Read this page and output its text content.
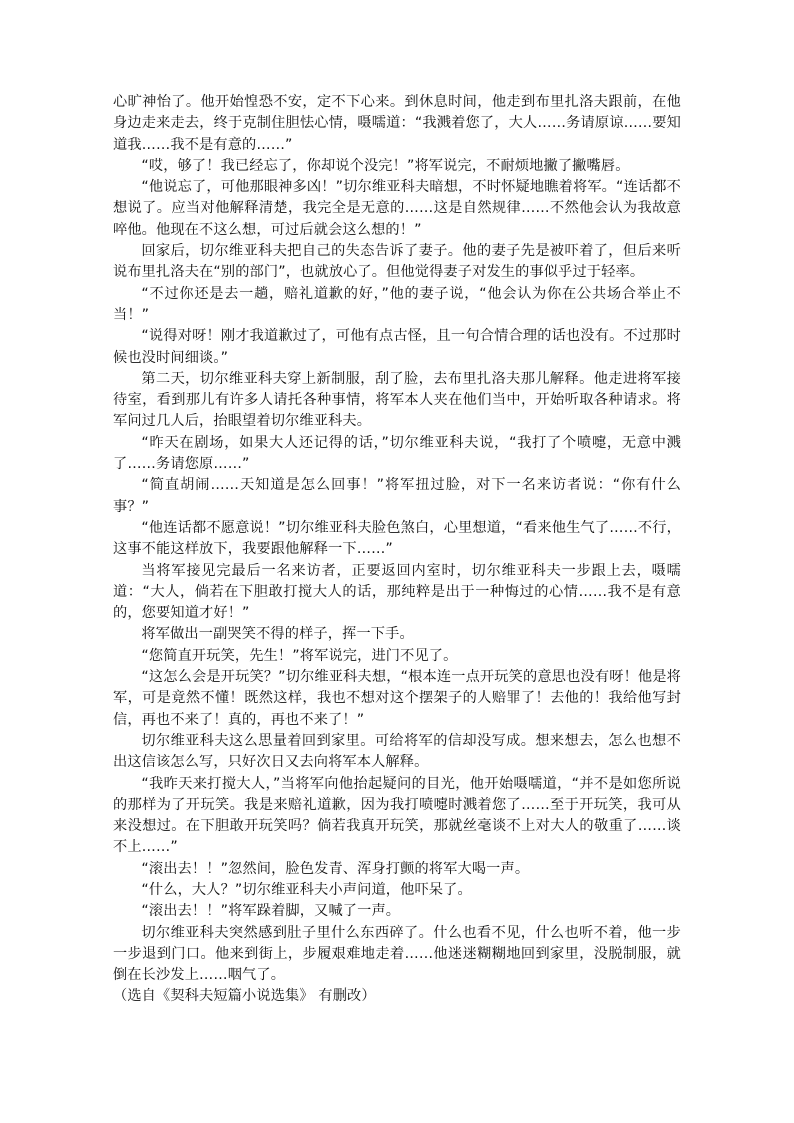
心旷神怡了。他开始惶恐不安，定不下心来。到休息时间，他走到布里扎洛夫跟前，在他身边走来走去，终于克制住胆怯心情，嗫嚅道：“我溅着您了，大人……务请原谅……要知道我……我不是有意的……”

“哎，够了！我已经忘了，你却说个没完！”将军说完，不耐烦地撇了撇嘴唇。

“他说忘了，可他那眼神多凶！”切尔维亚科夫暗想，不时怀疑地瞧着将军。“连话都不想说了。应当对他解释清楚，我完全是无意的……这是自然规律……不然他会认为我故意啐他。他现在不这么想，可过后就会这么想的！”

回家后，切尔维亚科夫把自己的失态告诉了妻子。他的妻子先是被吓着了，但后来听说布里扎洛夫在“别的部门”，也就放心了。但他觉得妻子对发生的事似乎过于轻率。

“不过你还是去一趟，赔礼道歉的好，”他的妻子说，“他会认为你在公共场合举止不当！”

“说得对呀！刚才我道歉过了，可他有点古怪，且一句合情合理的话也没有。不过那时候也没时间细谈。”

第二天，切尔维亚科夫穿上新制服，刮了脸，去布里扎洛夫那儿解释。他走进将军接待室，看到那儿有许多人请托各种事情，将军本人夹在他们当中，开始听取各种请求。将军问过几人后，抬眼望着切尔维亚科夫。

“昨天在剧场，如果大人还记得的话，”切尔维亚科夫说，“我打了个喷嚏，无意中溅了……务请您原……”

“简直胡闹……天知道是怎么回事！”将军扭过脸，对下一名来访者说：“你有什么事？”

“他连话都不愿意说！”切尔维亚科夫脸色煞白，心里想道，“看来他生气了……不行，这事不能这样放下，我要跟他解释一下……”

当将军接见完最后一名来访者，正要返回内室时，切尔维亚科夫一步跟上去，嗫嚅道：“大人，倘若在下胆敢打搅大人的话，那纯粹是出于一种悔过的心情……我不是有意的，您要知道才好！”

将军做出一副哭笑不得的样子，挥一下手。

“您简直开玩笑，先生！”将军说完，进门不见了。

“这怎么会是开玩笑？”切尔维亚科夫想，“根本连一点开玩笑的意思也没有呀！他是将军，可是竟然不懂！既然这样，我也不想对这个摆架子的人赔罪了！去他的！我给他写封信，再也不来了！真的，再也不来了！”

切尔维亚科夫这么思量着回到家里。可给将军的信却没写成。想来想去，怎么也想不出这信该怎么写，只好次日又去向将军本人解释。

“我昨天来打搅大人，”当将军向他抬起疑问的目光，他开始嗫嚅道，“并不是如您所说的那样为了开玩笑。我是来赔礼道歉，因为我打喷嚏时溅着您了……至于开玩笑，我可从来没想过。在下胆敢开玩笑吗？倘若我真开玩笑，那就丝毫谈不上对大人的敬重了……谈不上……”

“滚出去！！”忽然间，脸色发青、浑身打颤的将军大喝一声。

“什么，大人？”切尔维亚科夫小声问道，他吓呆了。

“滚出去！！”将军跺着脚，又喊了一声。

切尔维亚科夫突然感到肚子里什么东西碎了。什么也看不见，什么也听不着，他一步一步退到门口。他来到街上，步履艰难地走着……他迷迷糊糊地回到家里，没脱制服，就倒在长沙发上……咽气了。

（选自《契科夫短篇小说选集》 有删改）
